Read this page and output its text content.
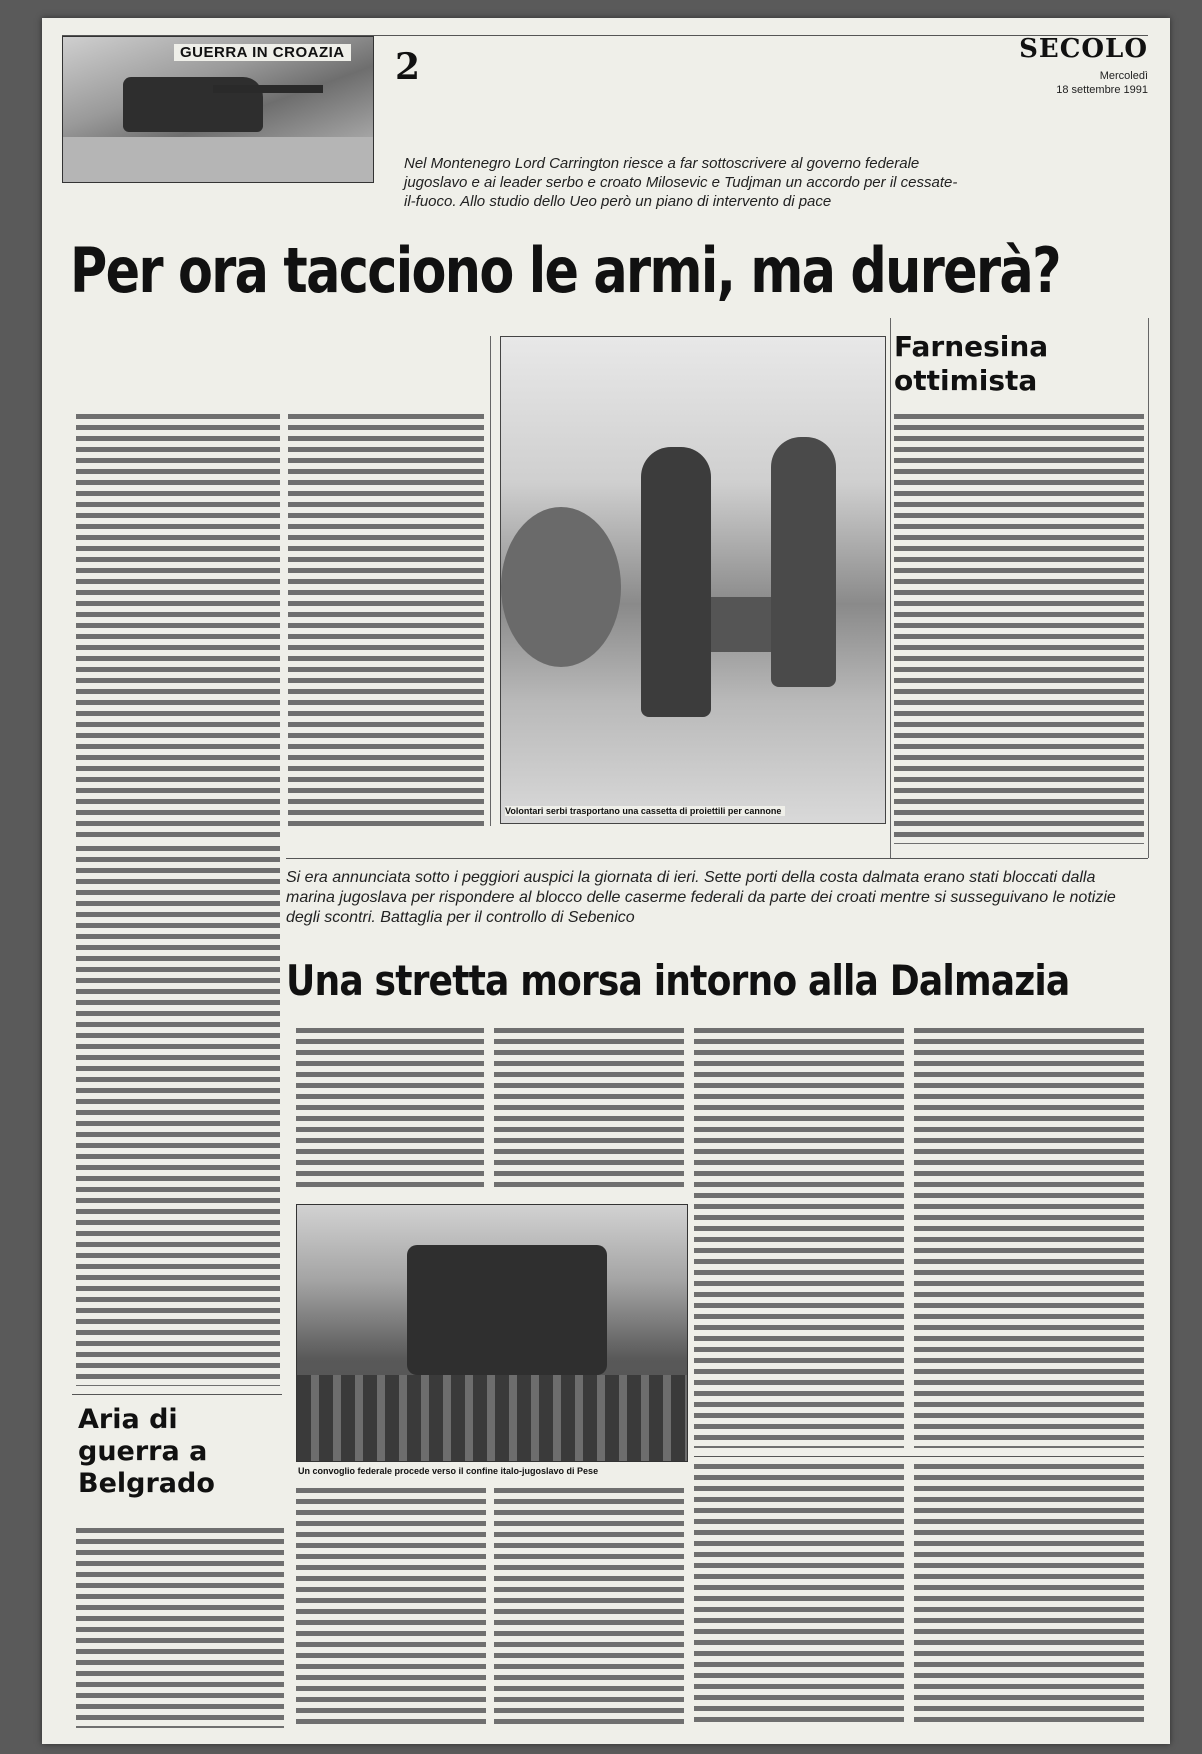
GUERRA IN CROAZIA 2	SECOLO
Mercoledì
18 settembre 1991
Nel Montenegro Lord Carrington riesce a far sottoscrivere al governo federale jugoslavo e ai leader serbo e croato Milosevic e Tudjman un accordo per il cessate-il-fuoco. Allo studio dello Ueo però un piano di intervento di pace
Per ora tacciono le armi, ma durerà?
Volontari serbi trasportano una cassetta di proiettili per cannone
Farnesina ottimista
Si era annunciata sotto i peggiori auspici la giornata di ieri. Sette porti della costa dalmata erano stati bloccati dalla marina jugoslava per rispondere al blocco delle caserme federali da parte dei croati mentre si susseguivano le notizie degli scontri. Battaglia per il controllo di Sebenico
Una stretta morsa intorno alla Dalmazia
Un convoglio federale procede verso il confine italo-jugoslavo di Pese
Aria di guerra a Belgrado
